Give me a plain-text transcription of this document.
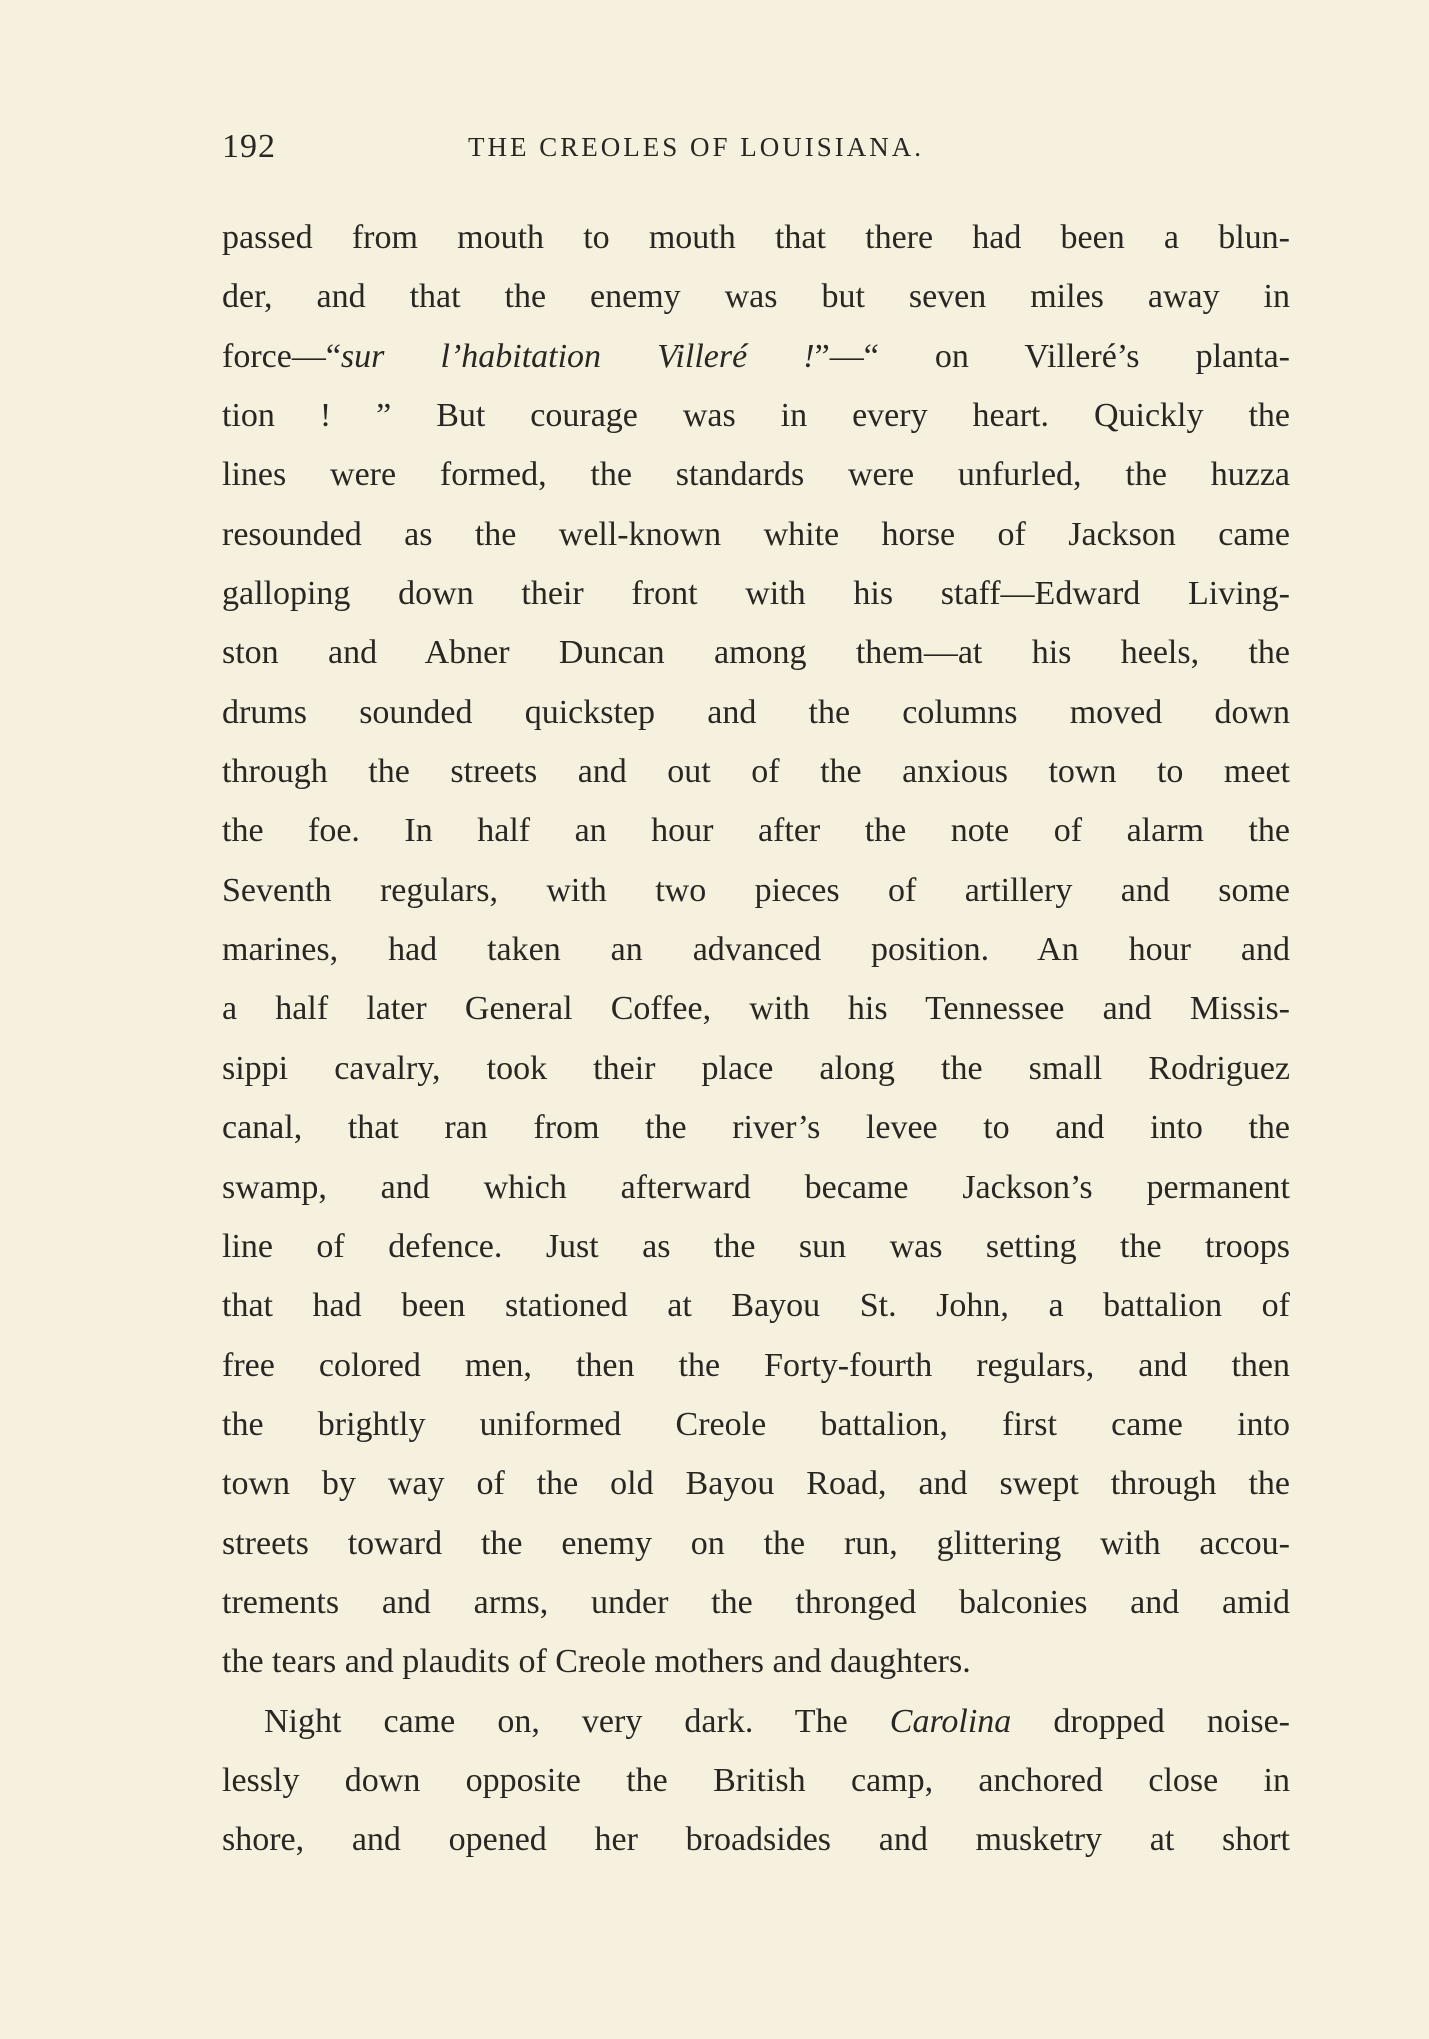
192	THE CREOLES OF LOUISIANA.
passed from mouth to mouth that there had been a blun-
der, and that the enemy was but seven miles away in
force—“sur l’habitation Villeré !”—“ on Villeré’s planta-
tion ! ” But courage was in every heart. Quickly the
lines were formed, the standards were unfurled, the huzza
resounded as the well-known white horse of Jackson came
galloping down their front with his staff—Edward Living-
ston and Abner Duncan among them—at his heels, the
drums sounded quickstep and the columns moved down
through the streets and out of the anxious town to meet
the foe. In half an hour after the note of alarm the
Seventh regulars, with two pieces of artillery and some
marines, had taken an advanced position. An hour and
a half later General Coffee, with his Tennessee and Missis-
sippi cavalry, took their place along the small Rodriguez
canal, that ran from the river’s levee to and into the
swamp, and which afterward became Jackson’s permanent
line of defence. Just as the sun was setting the troops
that had been stationed at Bayou St. John, a battalion of
free colored men, then the Forty-fourth regulars, and then
the brightly uniformed Creole battalion, first came into
town by way of the old Bayou Road, and swept through the
streets toward the enemy on the run, glittering with accou-
trements and arms, under the thronged balconies and amid
the tears and plaudits of Creole mothers and daughters.
Night came on, very dark. The Carolina dropped noise-
lessly down opposite the British camp, anchored close in
shore, and opened her broadsides and musketry at short
